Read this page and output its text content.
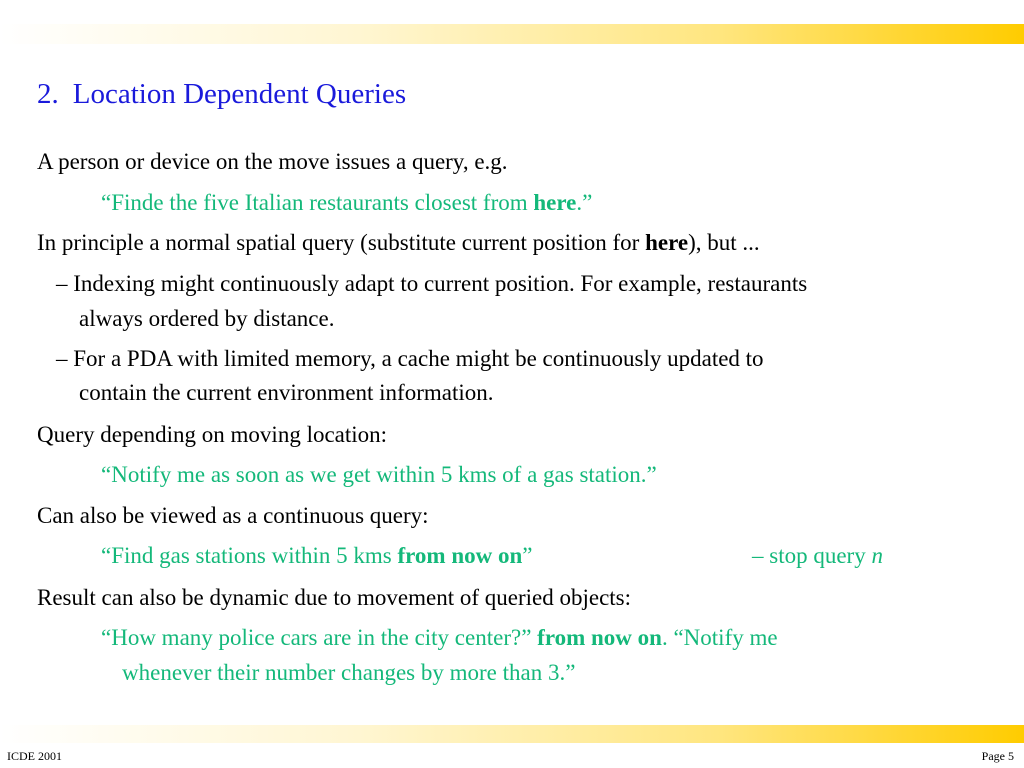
2. Location Dependent Queries
A person or device on the move issues a query, e.g.
“Finde the five Italian restaurants closest from here.”
In principle a normal spatial query (substitute current position for here), but ...
– Indexing might continuously adapt to current position. For example, restaurants
always ordered by distance.
– For a PDA with limited memory, a cache might be continuously updated to
contain the current environment information.
Query depending on moving location:
“Notify me as soon as we get within 5 kms of a gas station.”
Can also be viewed as a continuous query:
“Find gas stations within 5 kms from now on”	– stop query n
Result can also be dynamic due to movement of queried objects:
“How many police cars are in the city center?” from now on. “Notify me
whenever their number changes by more than 3.”
ICDE 2001	Page 5
